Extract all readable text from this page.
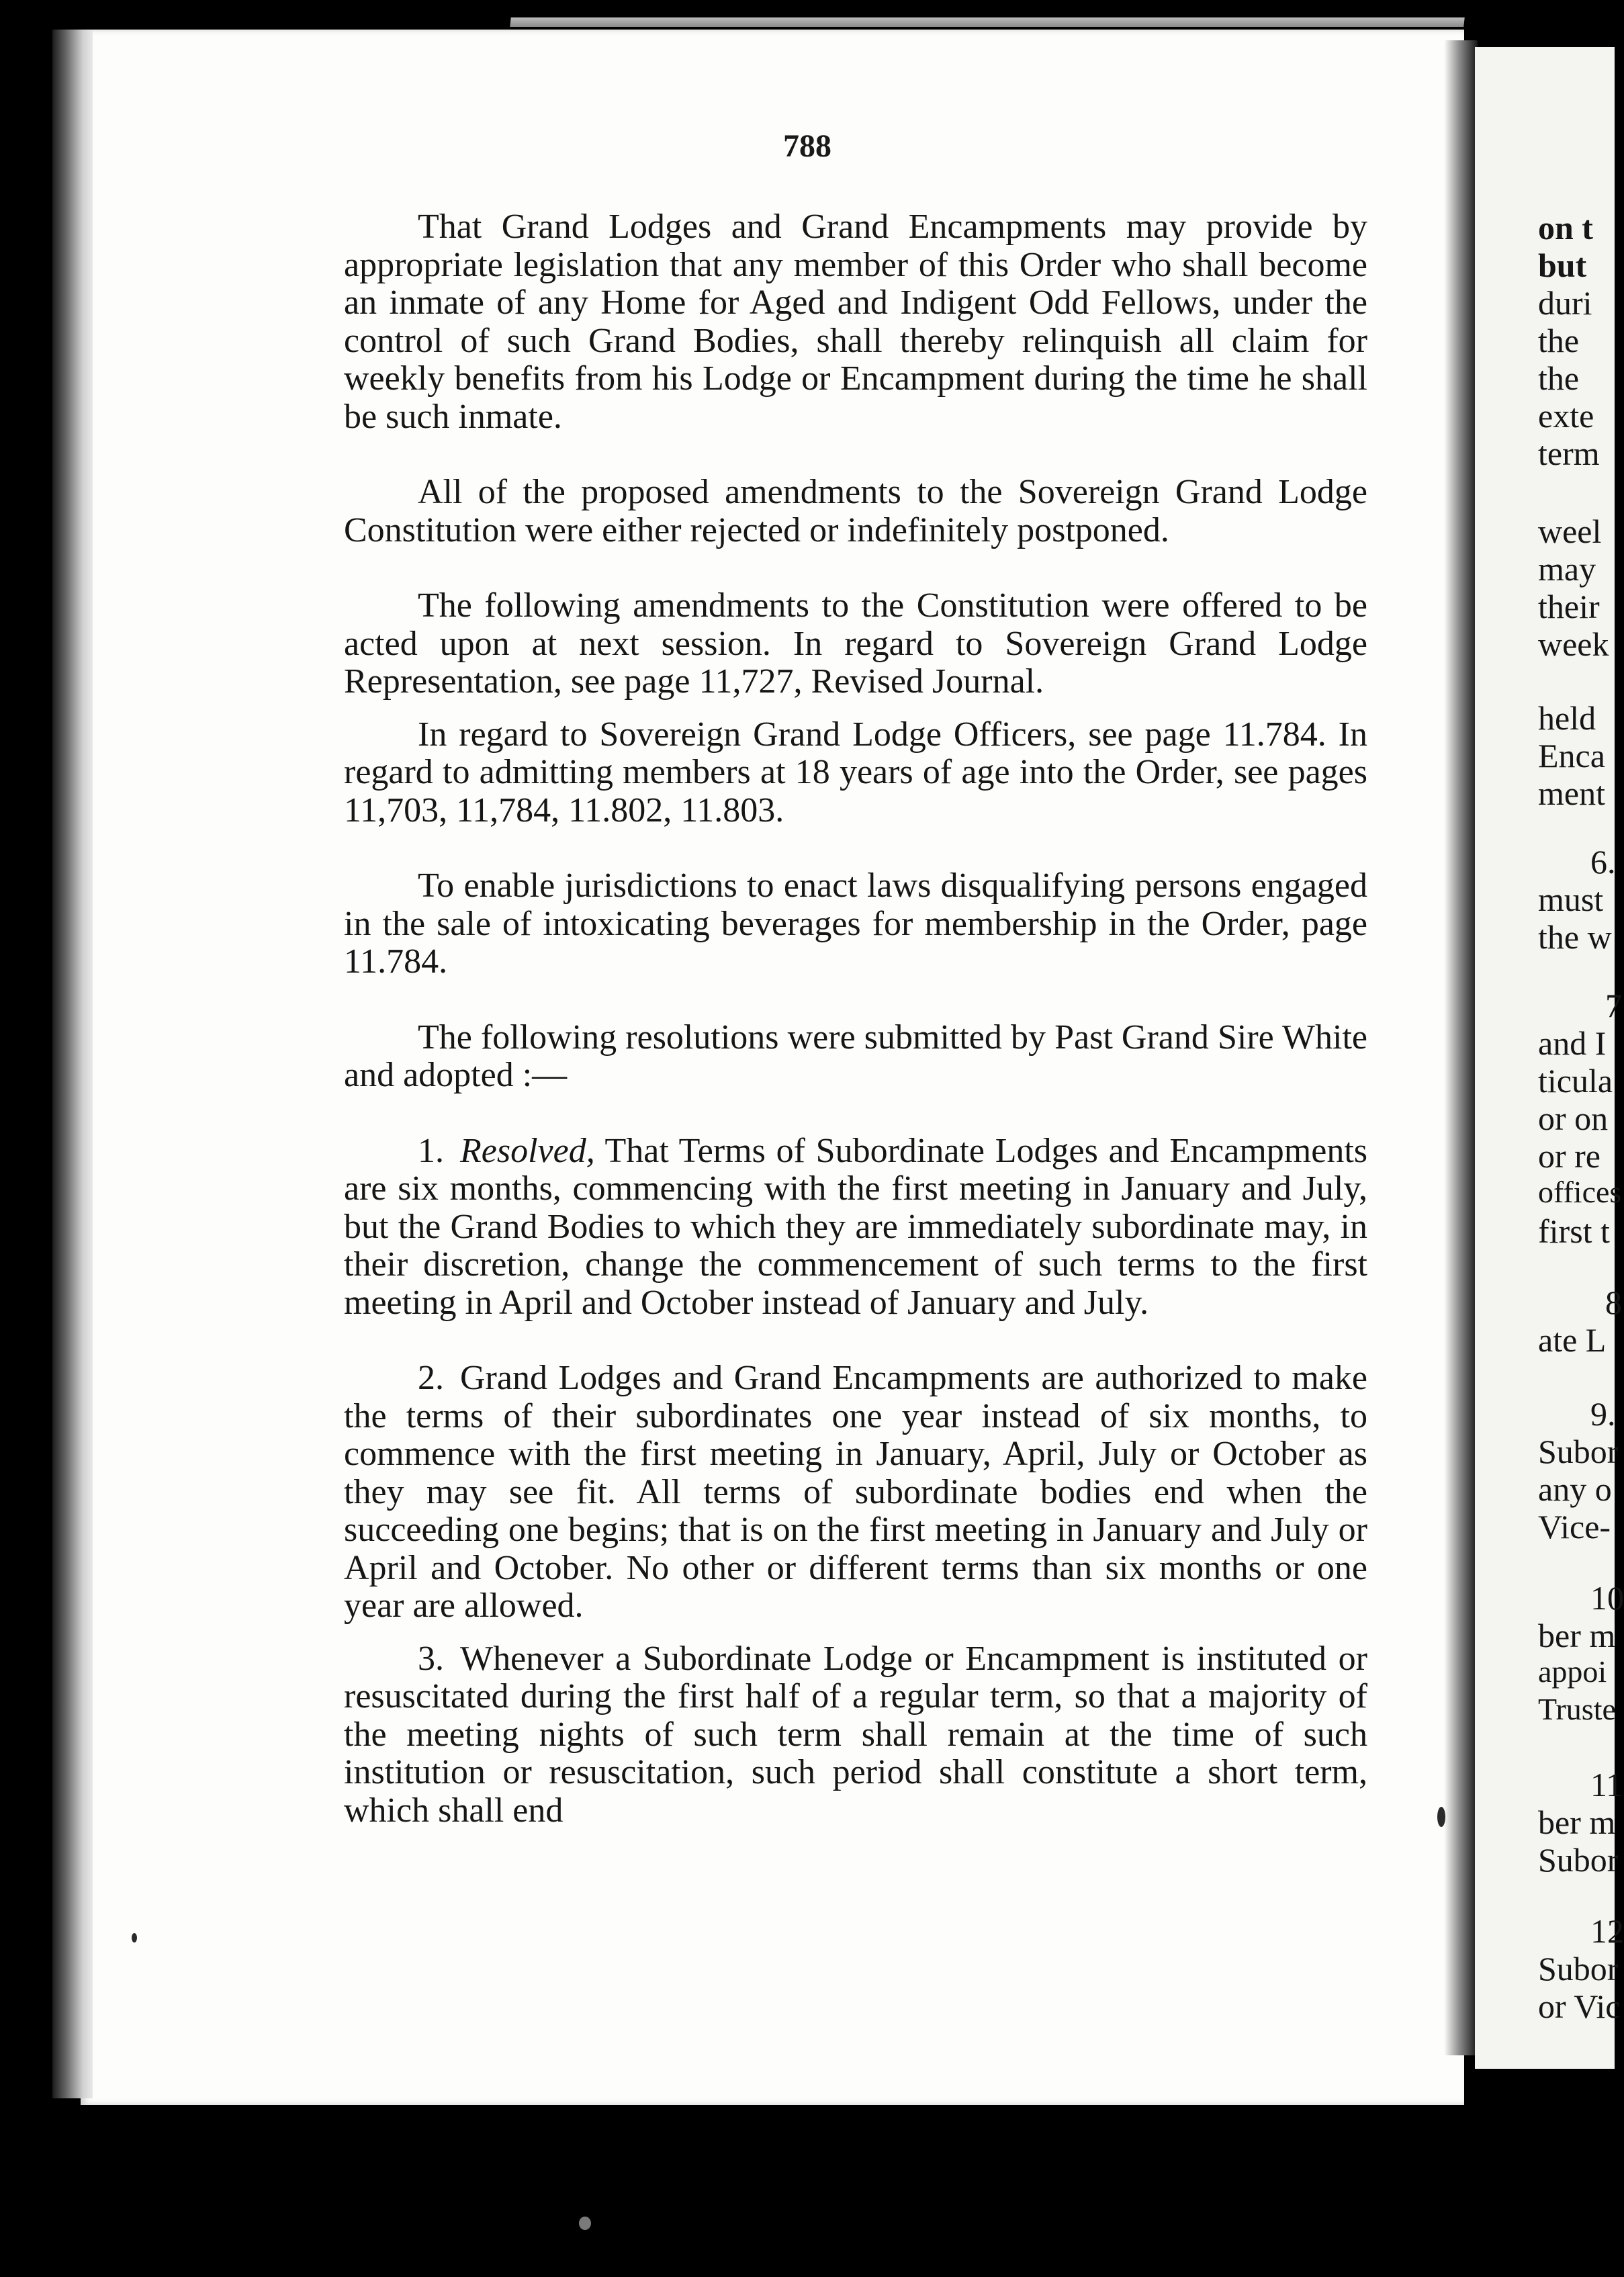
788

That Grand Lodges and Grand Encampments may provide by appropriate legislation that any member of this Order who shall become an inmate of any Home for Aged and Indigent Odd Fellows, under the control of such Grand Bodies, shall thereby relinquish all claim for weekly benefits from his Lodge or Encampment during the time he shall be such inmate.

All of the proposed amendments to the Sovereign Grand Lodge Constitution were either rejected or indefinitely postponed.

The following amendments to the Constitution were offered to be acted upon at next session. In regard to Sovereign Grand Lodge Representation, see page 11,727, Revised Journal.

In regard to Sovereign Grand Lodge Officers, see page 11.784. In regard to admitting members at 18 years of age into the Order, see pages 11,703, 11,784, 11.802, 11.803.

To enable jurisdictions to enact laws disqualifying persons engaged in the sale of intoxicating beverages for membership in the Order, page 11.784.

The following resolutions were submitted by Past Grand Sire White and adopted :—

1. Resolved, That Terms of Subordinate Lodges and Encampments are six months, commencing with the first meeting in January and July, but the Grand Bodies to which they are immediately subordinate may, in their discretion, change the commencement of such terms to the first meeting in April and October instead of January and July.

2. Grand Lodges and Grand Encampments are authorized to make the terms of their subordinates one year instead of six months, to commence with the first meeting in January, April, July or October as they may see fit. All terms of subordinate bodies end when the succeeding one begins; that is on the first meeting in January and July or April and October. No other or different terms than six months or one year are allowed.

3. Whenever a Subordinate Lodge or Encampment is instituted or resuscitated during the first half of a regular term, so that a majority of the meeting nights of such term shall remain at the time of such institution or resuscitation, such period shall constitute a short term, which shall end

on t
but
duri
the
the
exte
term
weel
may
their
week
held
Enca
ment
6.
must
the w
7
and I
ticula
or on
or re
offices
first t
8
ate L
9.
Subor
any o
Vice-
10
ber m
appoi
Truste
11
ber m
Subor
12
Subor
or Vic
